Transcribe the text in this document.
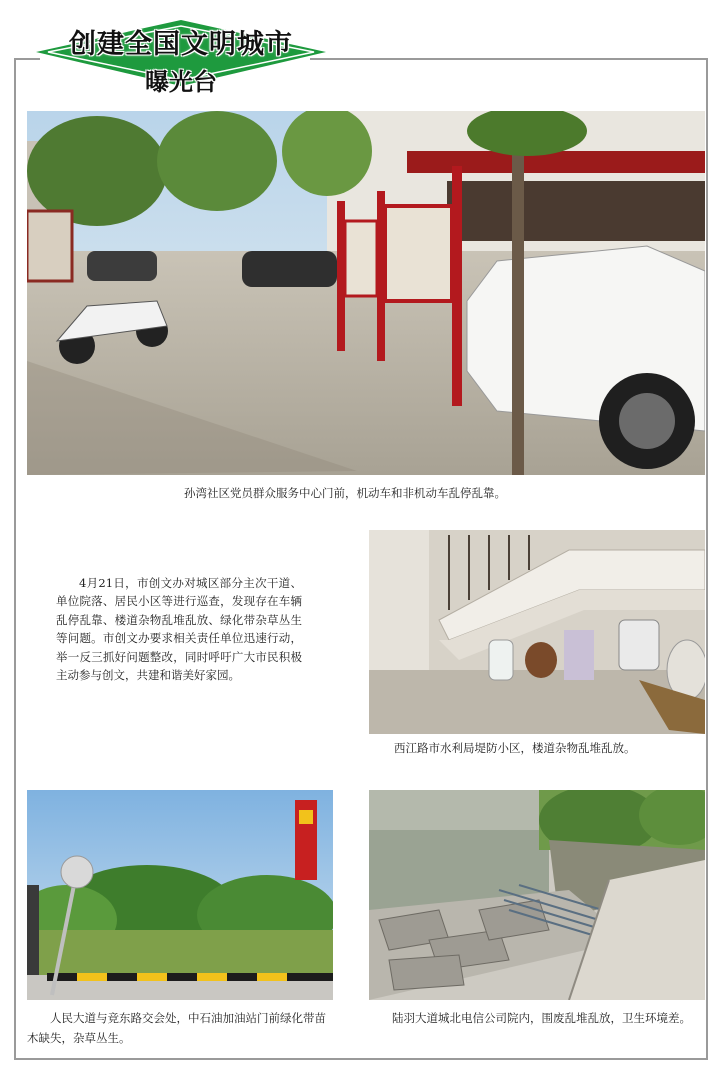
创建全国文明城市
曝光台
孙湾社区党员群众服务中心门前，机动车和非机动车乱停乱靠。
4月21日，市创文办对城区部分主次干道、单位院落、居民小区等进行巡查，发现存在车辆乱停乱靠、楼道杂物乱堆乱放、绿化带杂草丛生等问题。市创文办要求相关责任单位迅速行动，举一反三抓好问题整改，同时呼吁广大市民积极主动参与创文，共建和谐美好家园。
西江路市水利局堤防小区，楼道杂物乱堆乱放。
人民大道与竞东路交会处，中石油加油站门前绿化带苗木缺失，杂草丛生。
陆羽大道城北电信公司院内，围废乱堆乱放，卫生环境差。
